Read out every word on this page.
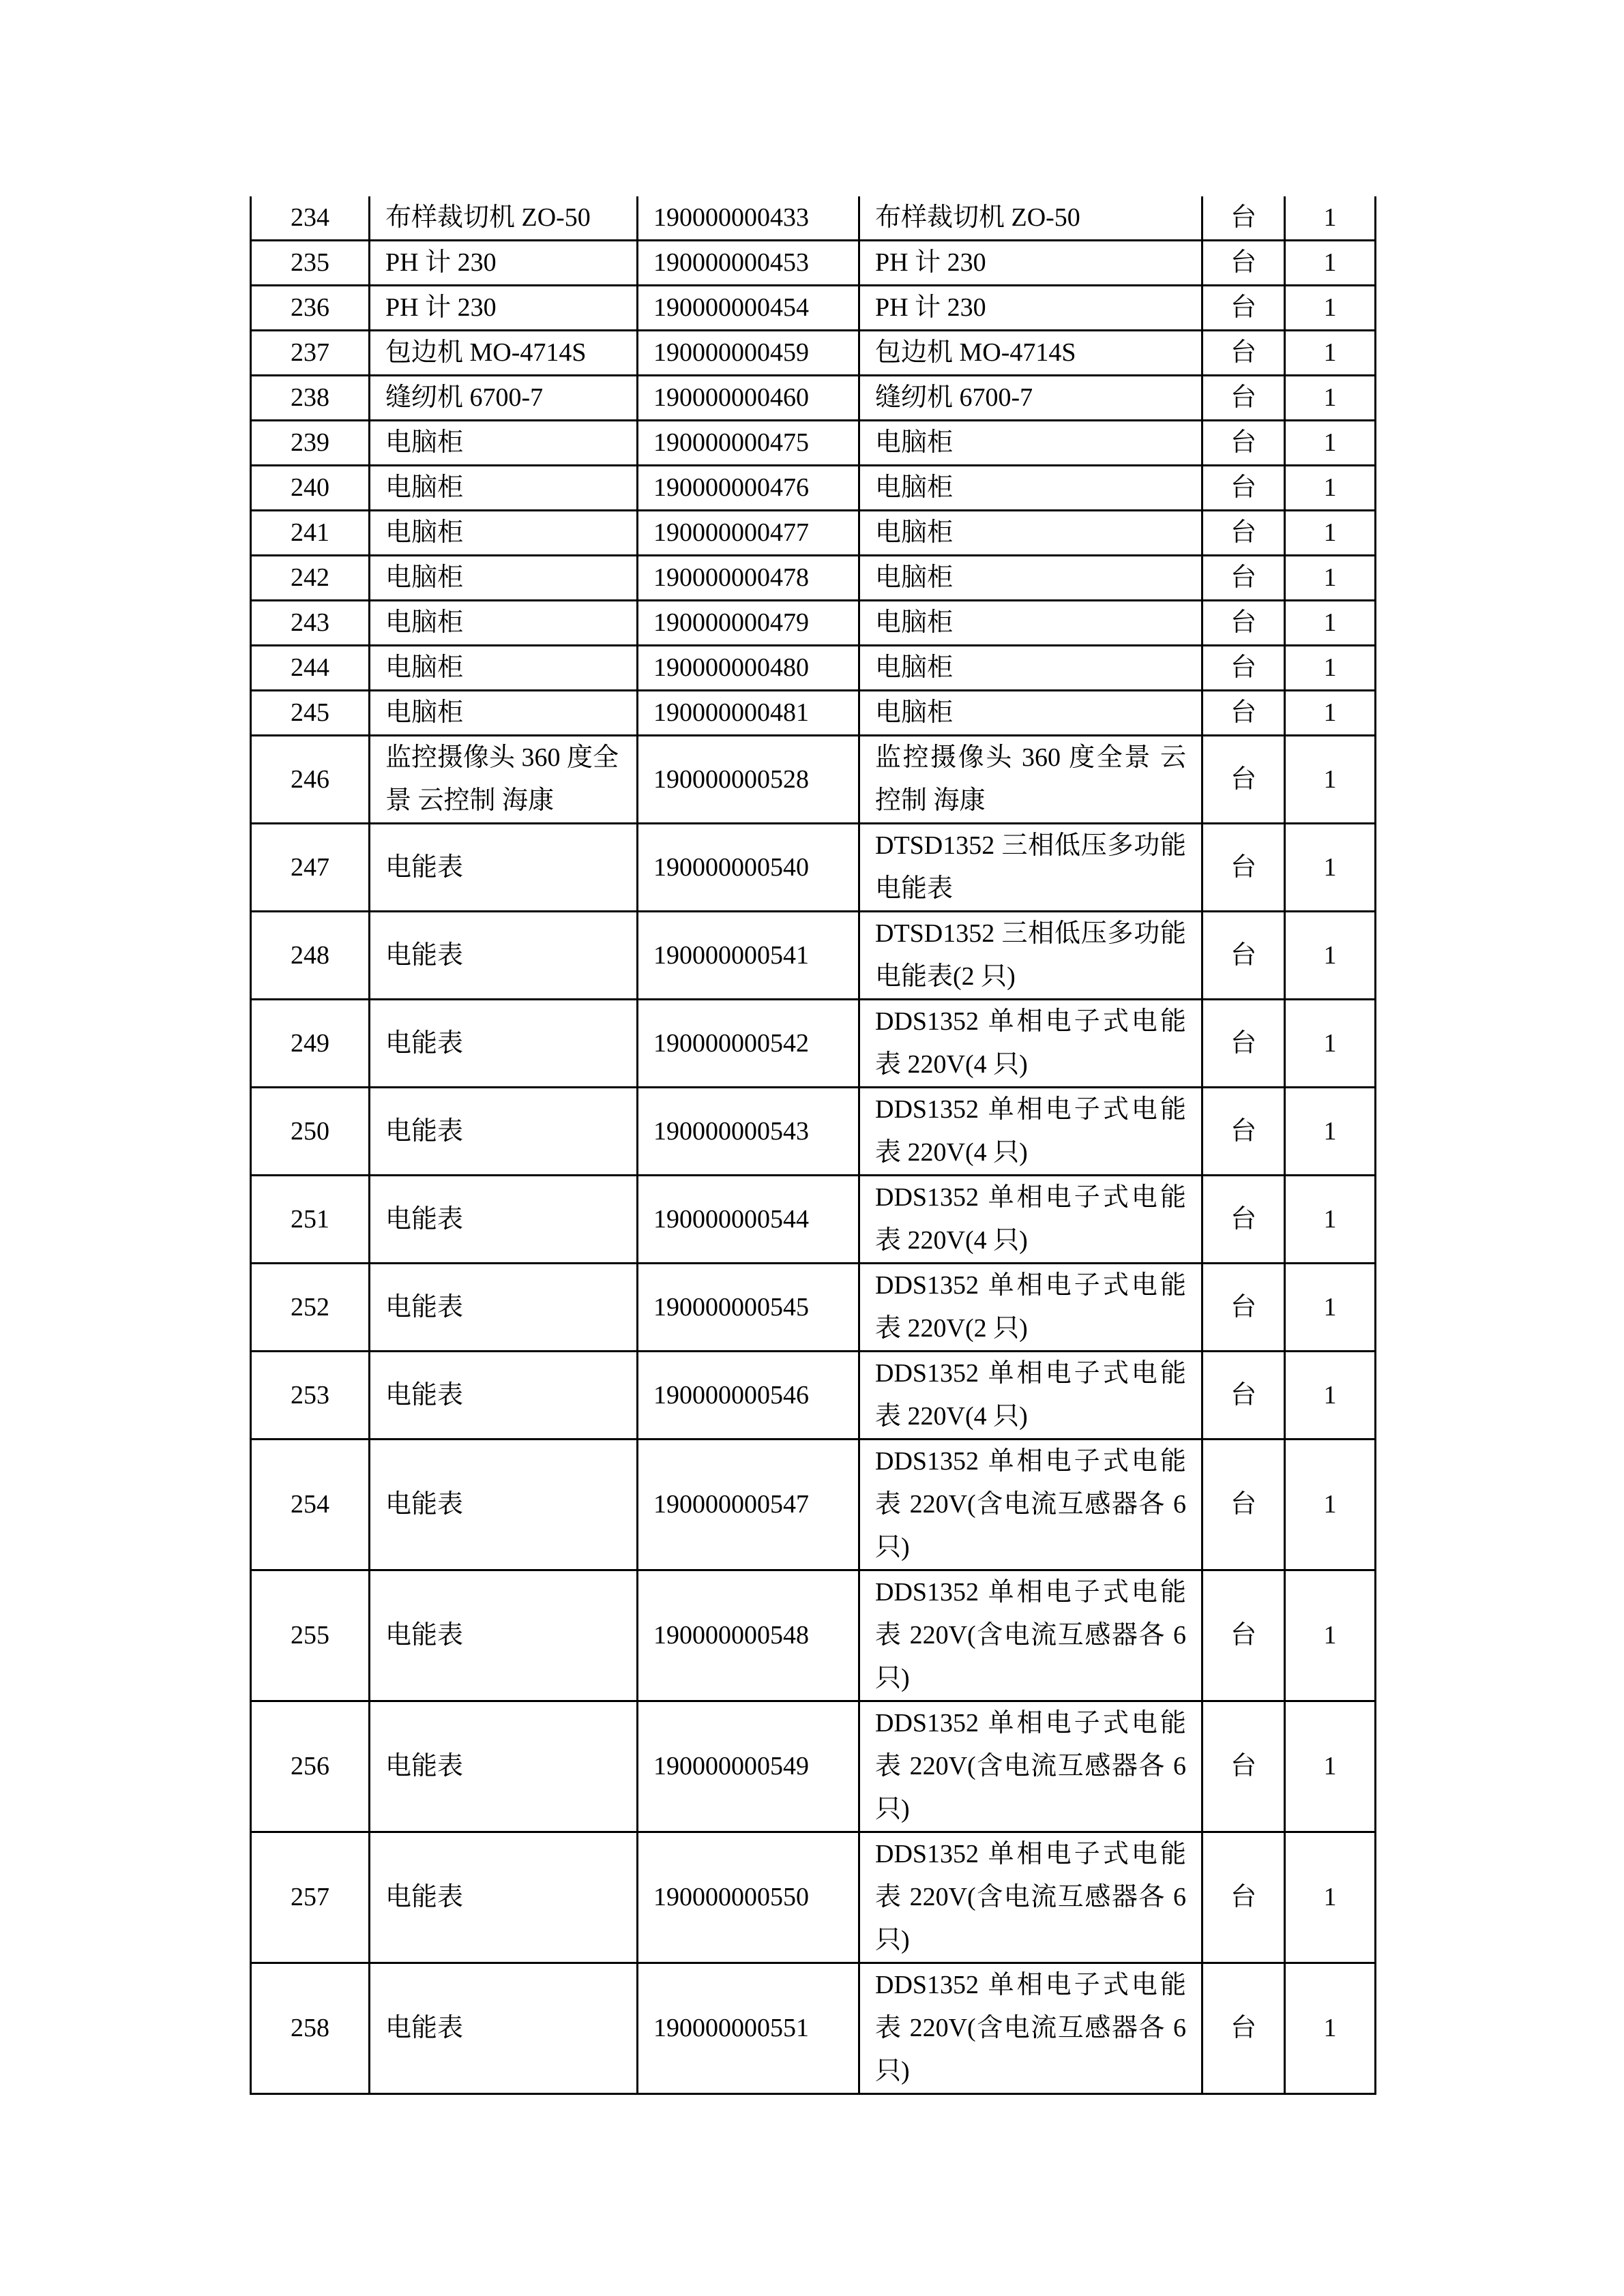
234	布样裁切机 ZO-50	190000000433	布样裁切机 ZO-50	台	1
235	PH 计 230	190000000453	PH 计 230	台	1
236	PH 计 230	190000000454	PH 计 230	台	1
237	包边机 MO-4714S	190000000459	包边机 MO-4714S	台	1
238	缝纫机 6700-7	190000000460	缝纫机 6700-7	台	1
239	电脑柜	190000000475	电脑柜	台	1
240	电脑柜	190000000476	电脑柜	台	1
241	电脑柜	190000000477	电脑柜	台	1
242	电脑柜	190000000478	电脑柜	台	1
243	电脑柜	190000000479	电脑柜	台	1
244	电脑柜	190000000480	电脑柜	台	1
245	电脑柜	190000000481	电脑柜	台	1
246	监控摄像头 360 度全景 云控制 海康	190000000528	监控摄像头 360 度全景 云控制 海康	台	1
247	电能表	190000000540	DTSD1352 三相低压多功能电能表	台	1
248	电能表	190000000541	DTSD1352 三相低压多功能电能表(2 只)	台	1
249	电能表	190000000542	DDS1352 单相电子式电能表 220V(4 只)	台	1
250	电能表	190000000543	DDS1352 单相电子式电能表 220V(4 只)	台	1
251	电能表	190000000544	DDS1352 单相电子式电能表 220V(4 只)	台	1
252	电能表	190000000545	DDS1352 单相电子式电能表 220V(2 只)	台	1
253	电能表	190000000546	DDS1352 单相电子式电能表 220V(4 只)	台	1
254	电能表	190000000547	DDS1352 单相电子式电能表 220V(含电流互感器各 6 只)	台	1
255	电能表	190000000548	DDS1352 单相电子式电能表 220V(含电流互感器各 6 只)	台	1
256	电能表	190000000549	DDS1352 单相电子式电能表 220V(含电流互感器各 6 只)	台	1
257	电能表	190000000550	DDS1352 单相电子式电能表 220V(含电流互感器各 6 只)	台	1
258	电能表	190000000551	DDS1352 单相电子式电能表 220V(含电流互感器各 6 只)	台	1
